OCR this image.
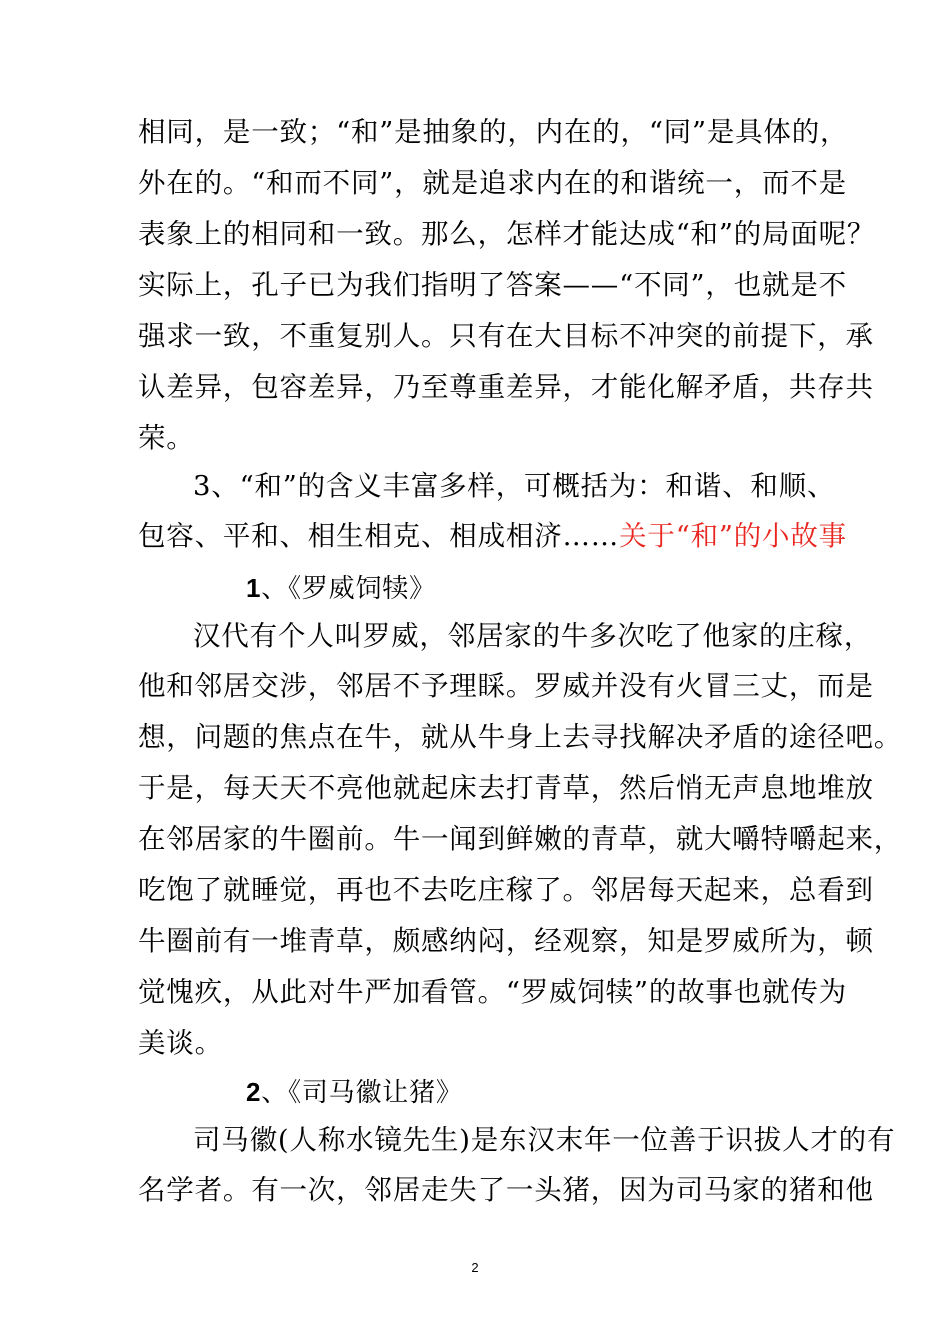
相同，是一致；“和”是抽象的，内在的，“同”是具体的，
外在的。“和而不同”，就是追求内在的和谐统一，而不是
表象上的相同和一致。那么，怎样才能达成“和”的局面呢？
实际上，孔子已为我们指明了答案——“不同”，也就是不
强求一致，不重复别人。只有在大目标不冲突的前提下，承
认差异，包容差异，乃至尊重差异，才能化解矛盾，共存共
荣。
3、“和”的含义丰富多样，可概括为：和谐、和顺、
包容、平和、相生相克、相成相济……关于“和”的小故事
1、《罗威饲犊》
汉代有个人叫罗威，邻居家的牛多次吃了他家的庄稼，
他和邻居交涉，邻居不予理睬。罗威并没有火冒三丈，而是
想，问题的焦点在牛，就从牛身上去寻找解决矛盾的途径吧。
于是，每天天不亮他就起床去打青草，然后悄无声息地堆放
在邻居家的牛圈前。牛一闻到鲜嫩的青草，就大嚼特嚼起来，
吃饱了就睡觉，再也不去吃庄稼了。邻居每天起来，总看到
牛圈前有一堆青草，颇感纳闷，经观察，知是罗威所为，顿
觉愧疚，从此对牛严加看管。“罗威饲犊”的故事也就传为
美谈。
2、《司马徽让猪》
司马徽(人称水镜先生)是东汉末年一位善于识拔人才的有
名学者。有一次，邻居走失了一头猪，因为司马家的猪和他
2
